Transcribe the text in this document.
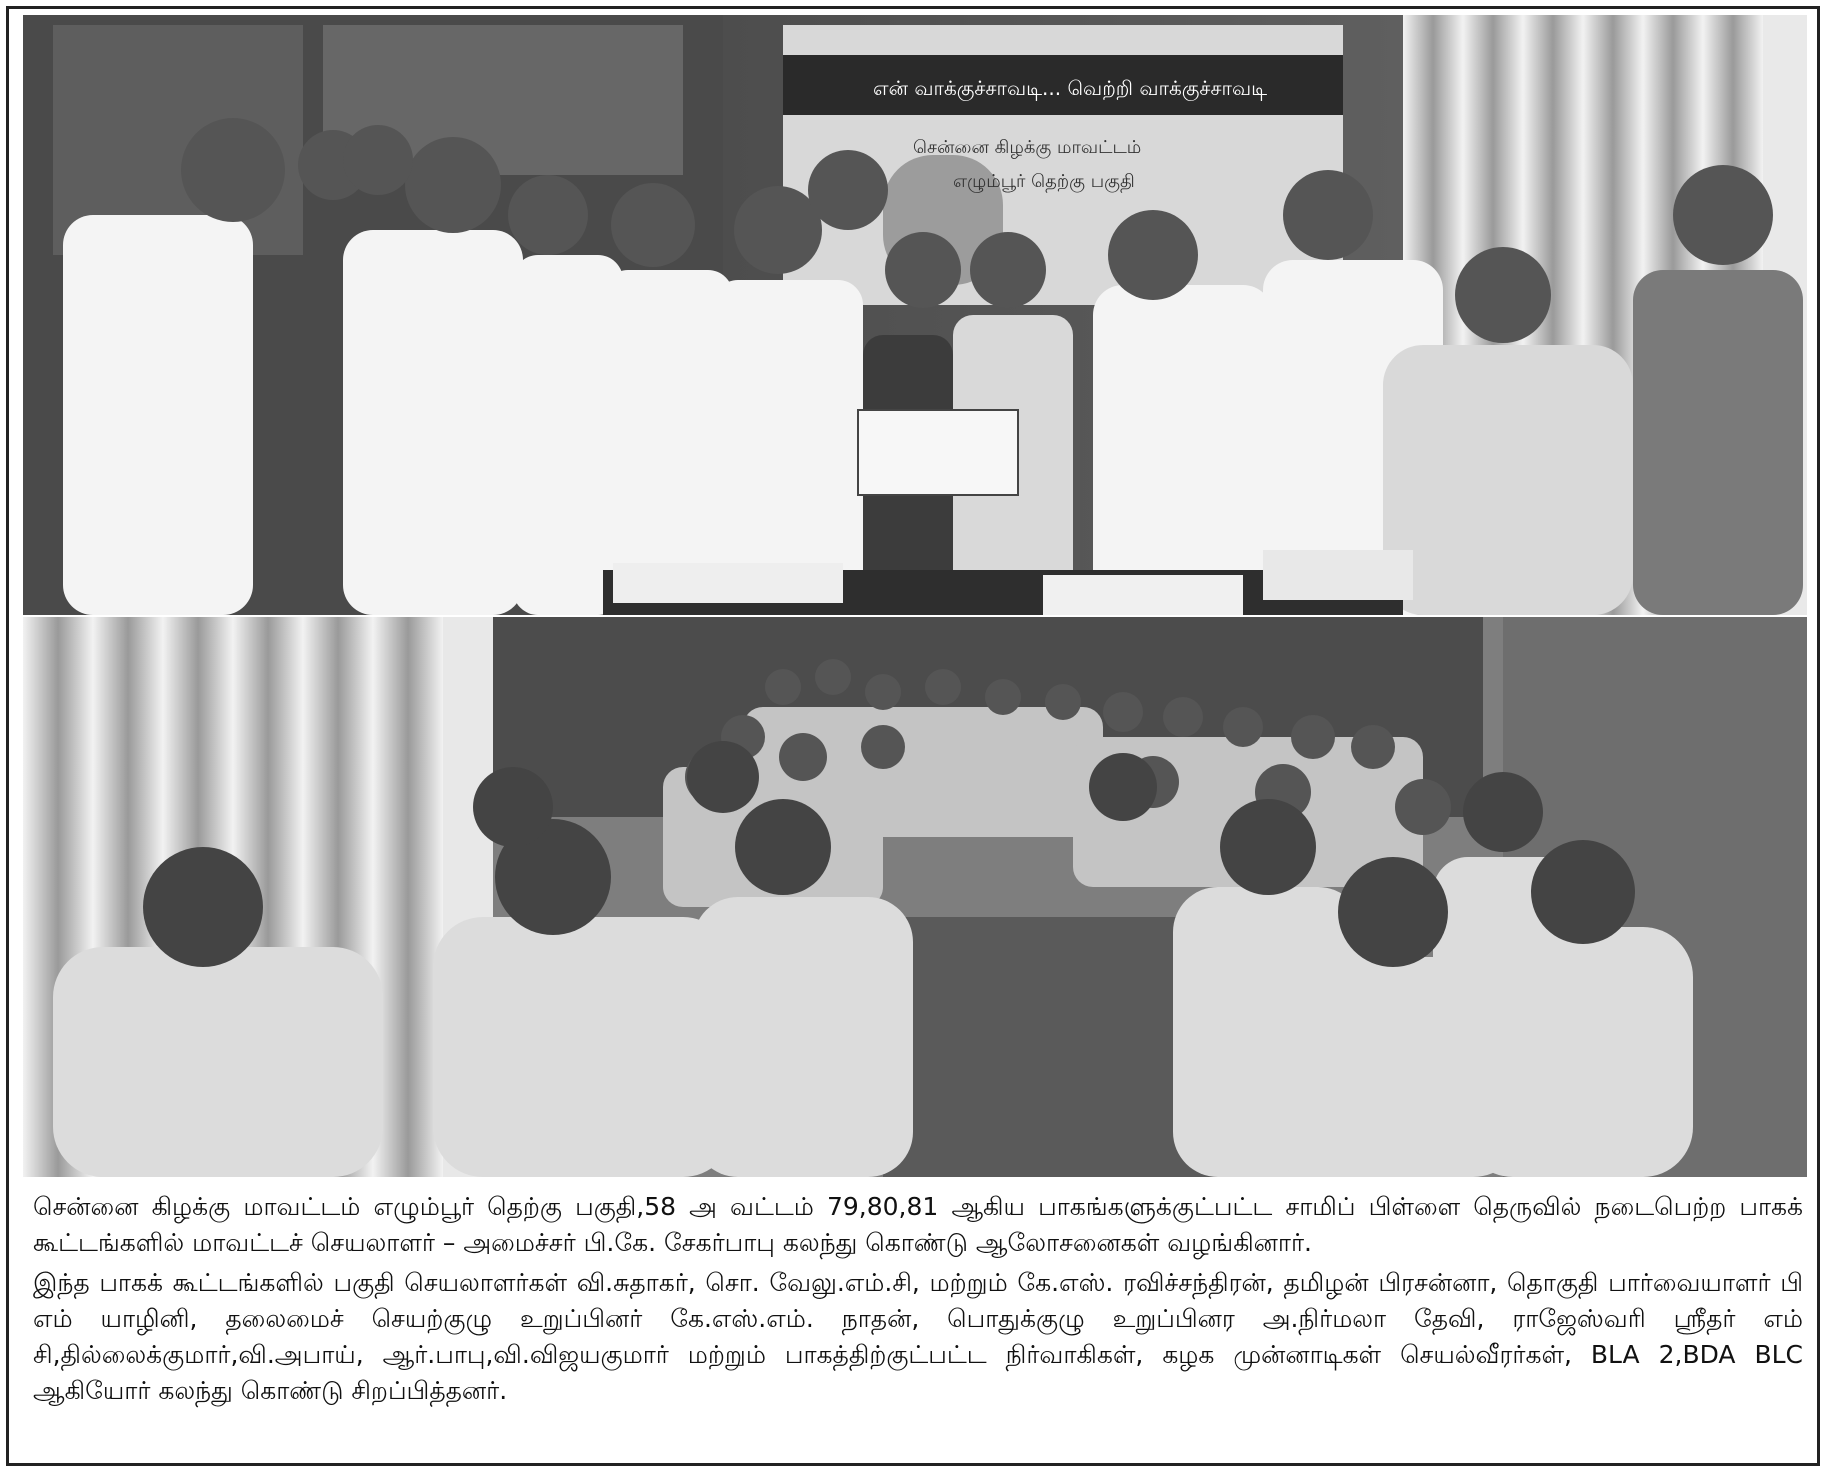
என் வாக்குச்சாவடி... வெற்றி வாக்குச்சாவடி
சென்னை கிழக்கு மாவட்டம்
எழும்பூர் தெற்கு பகுதி

சென்னை கிழக்கு மாவட்டம் எழும்பூர் தெற்கு பகுதி,58 அ வட்டம் 79,80,81 ஆகிய பாகங்களுக்குட்பட்ட சாமிப் பிள்ளை தெருவில் நடைபெற்ற பாகக் கூட்டங்களில் மாவட்டச் செயலாளர் – அமைச்சர் பி.கே. சேகர்பாபு கலந்து கொண்டு ஆலோசனைகள் வழங்கினார்.

இந்த பாகக் கூட்டங்களில் பகுதி செயலாளர்கள் வி.சுதாகர், சொ. வேலு.எம்.சி, மற்றும் கே.எஸ். ரவிச்சந்திரன், தமிழன் பிரசன்னா, தொகுதி பார்வையாளர் பி எம் யாழினி, தலைமைச் செயற்குழு உறுப்பினர் கே.எஸ்.எம். நாதன், பொதுக்குழு உறுப்பினர அ.நிர்மலா தேவி, ராஜேஸ்வரி ஸ்ரீதர் எம் சி,தில்லைக்குமார்,வி.அபாய், ஆர்.பாபு,வி.விஜயகுமார் மற்றும் பாகத்திற்குட்பட்ட நிர்வாகிகள், கழக முன்னாடிகள் செயல்வீரர்கள், BLA 2,BDA BLC ஆகியோர் கலந்து கொண்டு சிறப்பித்தனர்.
